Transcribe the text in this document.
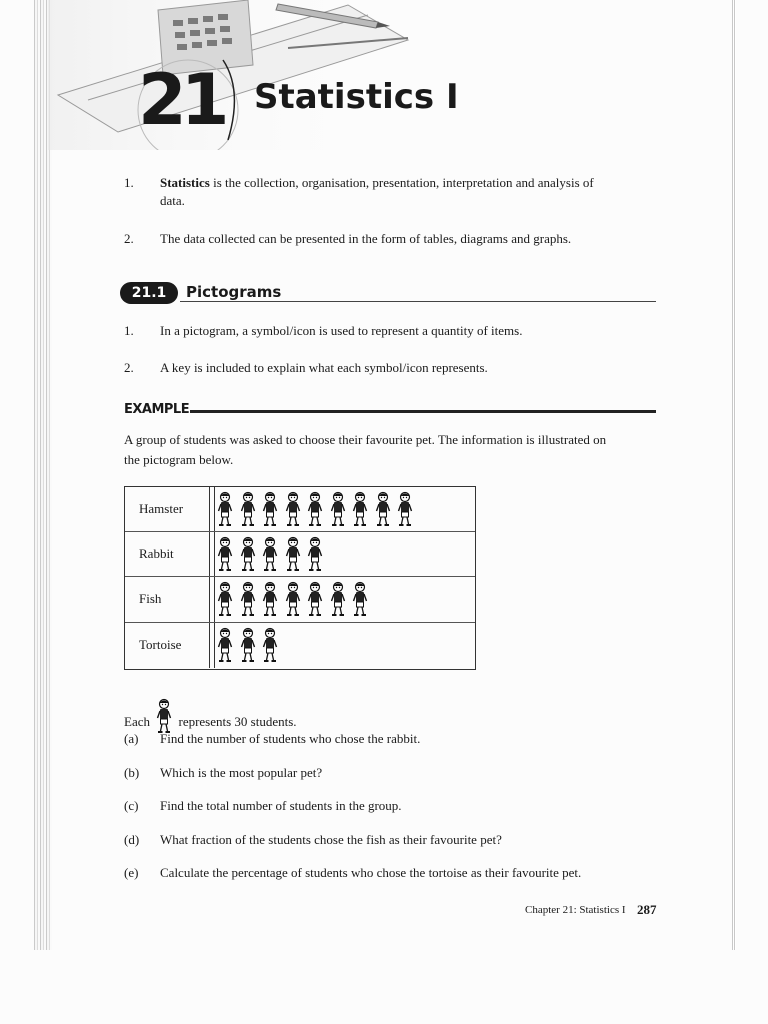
21 Statistics I
1. Statistics is the collection, organisation, presentation, interpretation and analysis of
data.
2. The data collected can be presented in the form of tables, diagrams and graphs.
21.1	Pictograms
1. In a pictogram, a symbol/icon is used to represent a quantity of items.
2. A key is included to explain what each symbol/icon represents.
EXAMPLE
A group of students was asked to choose their favourite pet. The information is illustrated on
the pictogram below.
Hamster
Rabbit
Fish
Tortoise
Each represents 30 students.
(a) Find the number of students who chose the rabbit.
(b) Which is the most popular pet?
(c) Find the total number of students in the group.
(d) What fraction of the students chose the fish as their favourite pet?
(e) Calculate the percentage of students who chose the tortoise as their favourite pet.
Chapter 21: Statistics I 287
